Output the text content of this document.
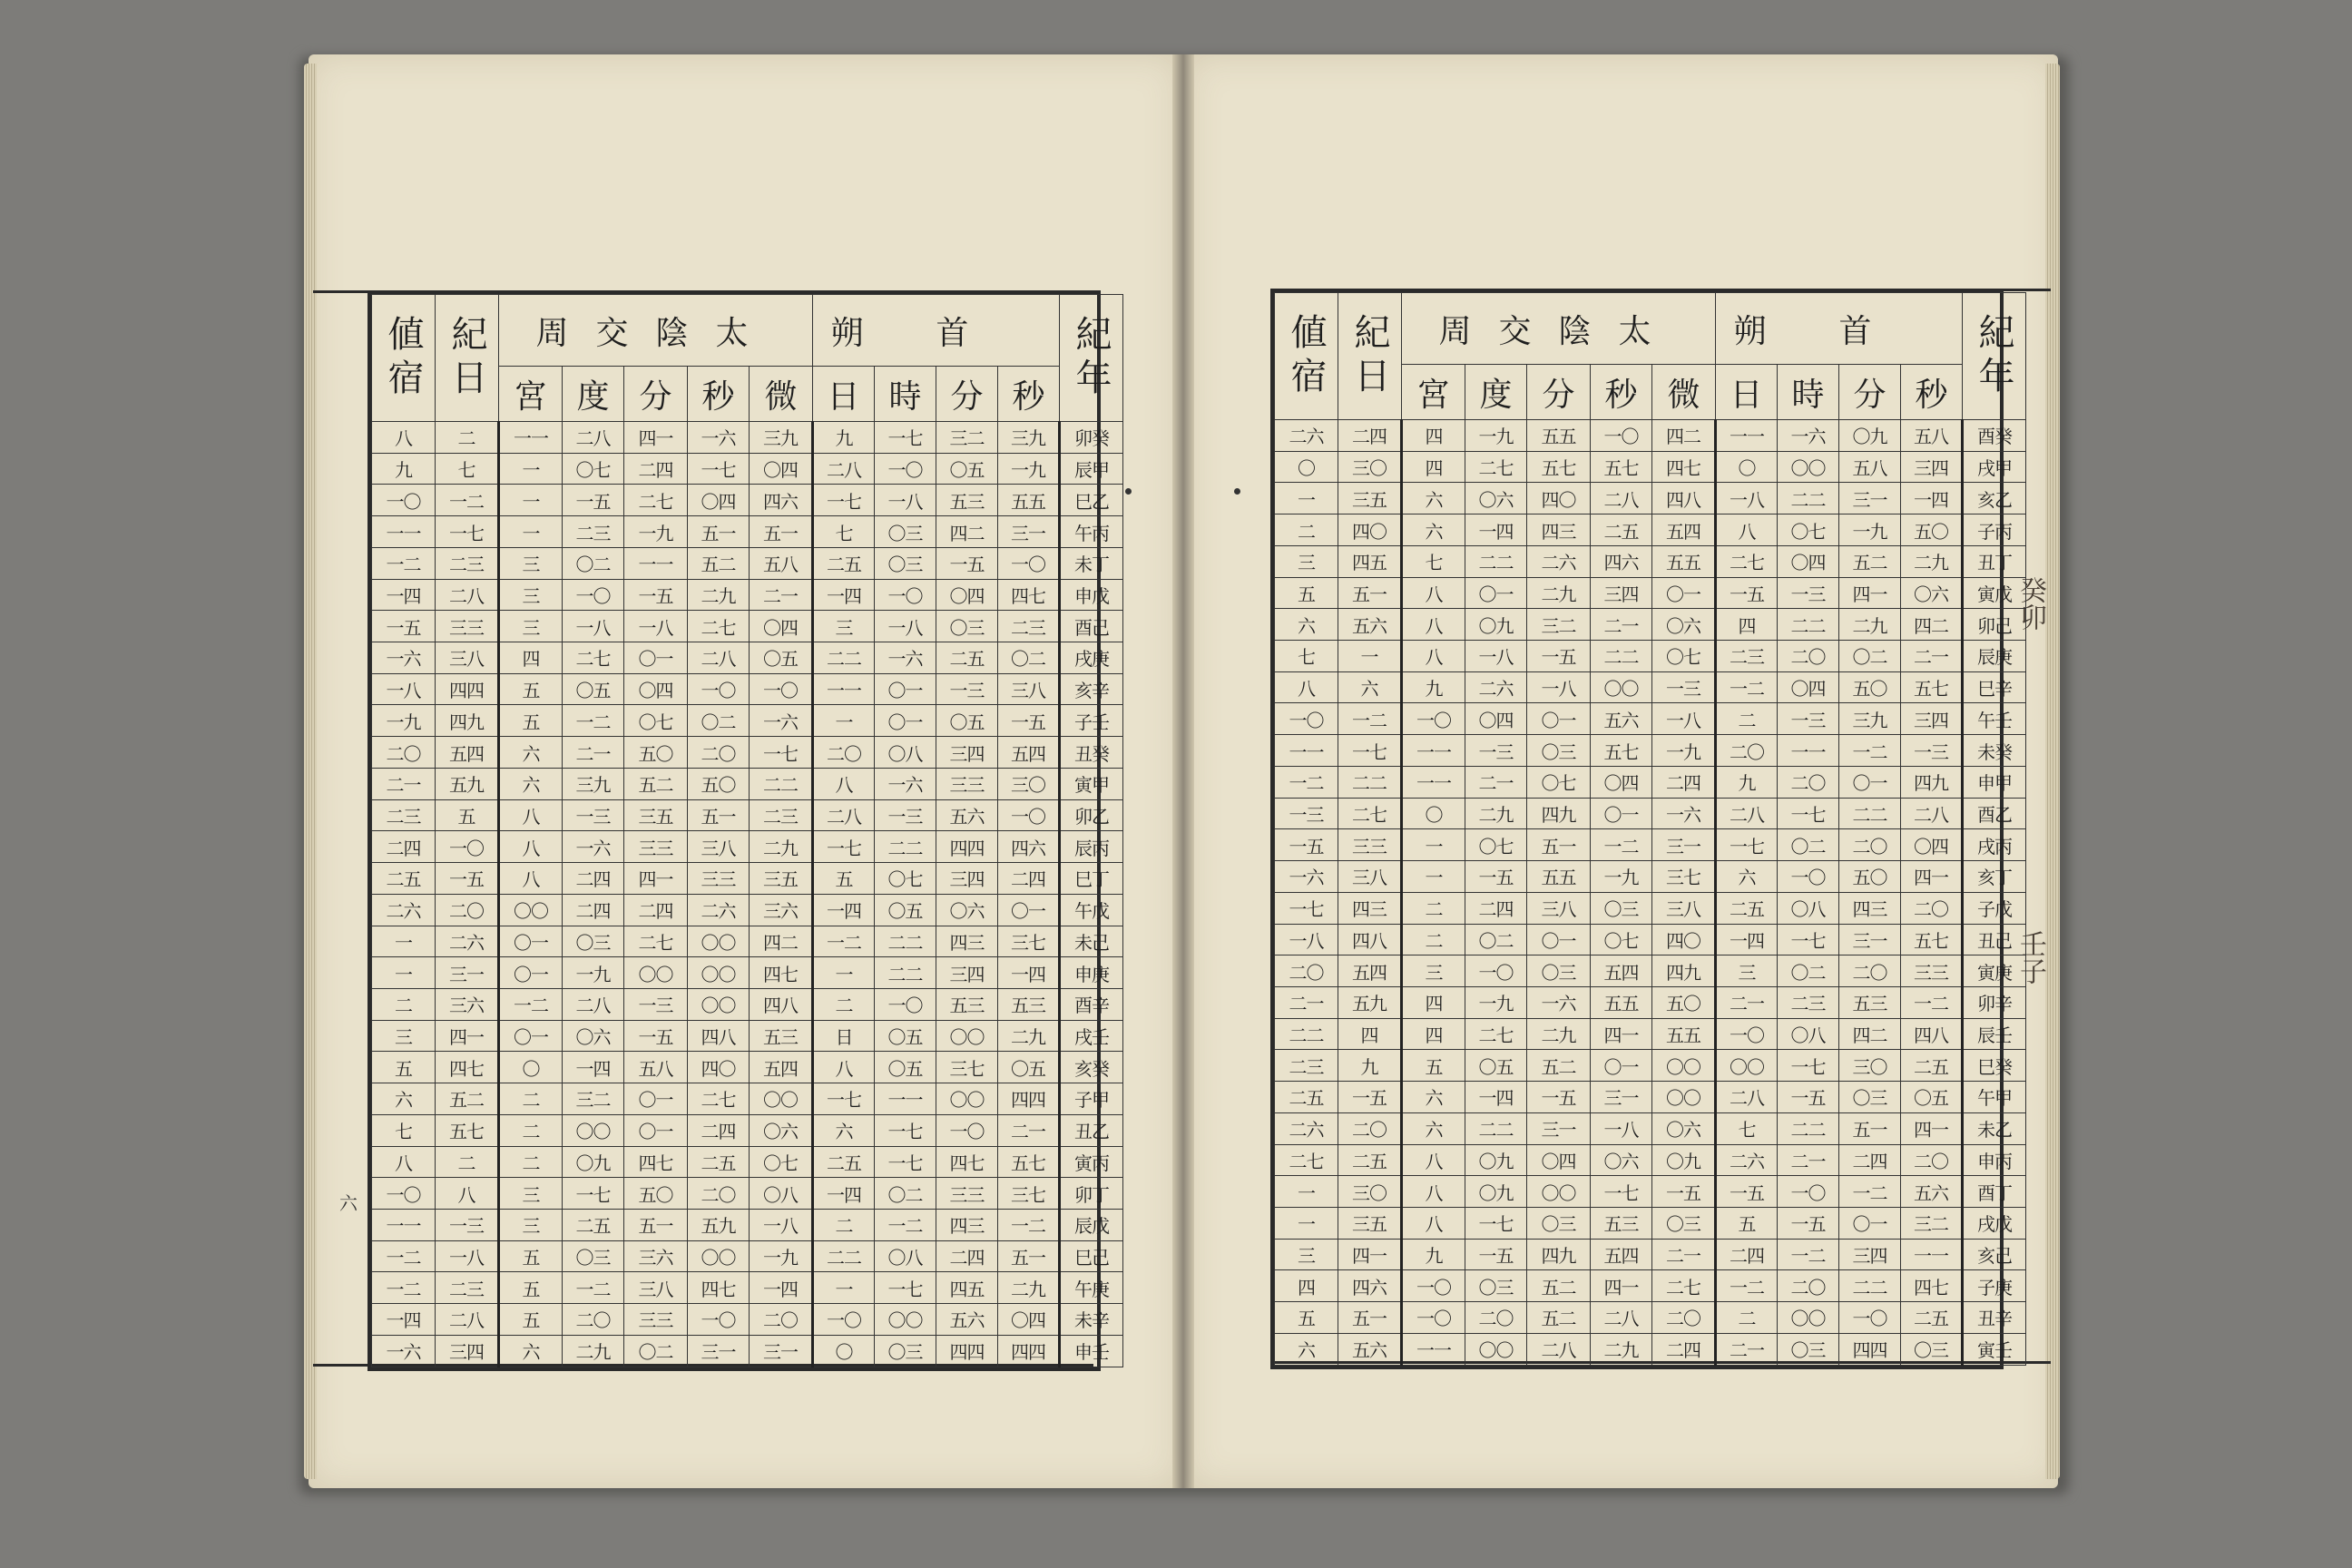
六
癸卯
壬子
値宿	紀日	周交陰太					朔首				紀年
		宮	度	分	秒	微	日	時	分	秒	
八	二	一一	二八	四一	一六	三九	九	一七	三二	三九	卯癸
九	七	一	〇七	二四	一七	〇四	二八	一〇	〇五	一九	辰甲
一〇	一二	一	一五	二七	〇四	四六	一七	一八	五三	五五	巳乙
一一	一七	一	二三	一九	五一	五一	七	〇三	四二	三一	午丙
一二	二三	三	〇二	一一	五二	五八	二五	〇三	一五	一〇	未丁
一四	二八	三	一〇	一五	二九	二一	一四	一〇	〇四	四七	申戊
一五	三三	三	一八	一八	二七	〇四	三	一八	〇三	二三	酉己
一六	三八	四	二七	〇一	二八	〇五	二二	一六	二五	〇二	戌庚
一八	四四	五	〇五	〇四	一〇	一〇	一一	〇一	一三	三八	亥辛
一九	四九	五	一二	〇七	〇二	一六	一	〇一	〇五	一五	子壬
二〇	五四	六	二一	五〇	二〇	一七	二〇	〇八	三四	五四	丑癸
二一	五九	六	三九	五二	五〇	二二	八	一六	三三	三〇	寅甲
二三	五	八	一三	三五	五一	二三	二八	一三	五六	一〇	卯乙
二四	一〇	八	一六	三三	三八	二九	一七	二二	四四	四六	辰丙
二五	一五	八	二四	四一	三三	三五	五	〇七	三四	二四	巳丁
二六	二〇	〇〇	二四	二四	二六	三六	一四	〇五	〇六	〇一	午戊
一	二六	〇一	〇三	二七	〇〇	四二	一二	二二	四三	三七	未己
一	三一	〇一	一九	〇〇	〇〇	四七	一	二二	三四	一四	申庚
二	三六	一二	二八	一三	〇〇	四八	二	一〇	五三	五三	酉辛
三	四一	〇一	〇六	一五	四八	五三	日	〇五	〇〇	二九	戌壬
五	四七	〇	一四	五八	四〇	五四	八	〇五	三七	〇五	亥癸
六	五二	二	三二	〇一	二七	〇〇	一七	一一	〇〇	四四	子甲
七	五七	二	〇〇	〇一	二四	〇六	六	一七	一〇	二一	丑乙
八	二	二	〇九	四七	二五	〇七	二五	一七	四七	五七	寅丙
一〇	八	三	一七	五〇	二〇	〇八	一四	〇二	三三	三七	卯丁
一一	一三	三	二五	五一	五九	一八	二	一二	四三	一二	辰戊
一二	一八	五	〇三	三六	〇〇	一九	二二	〇八	二四	五一	巳己
一二	二三	五	一二	三八	四七	一四	一	一七	四五	二九	午庚
一四	二八	五	二〇	三三	一〇	二〇	一〇	〇〇	五六	〇四	未辛
一六	三四	六	二九	〇二	三一	三一	〇	〇三	四四	四四	申壬
値宿	紀日	周交陰太					朔首				紀年
		宮	度	分	秒	微	日	時	分	秒	
二六	二四	四	一九	五五	一〇	四二	一一	一六	〇九	五八	酉癸
〇	三〇	四	二七	五七	五七	四七	〇	〇〇	五八	三四	戌甲
一	三五	六	〇六	四〇	二八	四八	一八	二二	三一	一四	亥乙
二	四〇	六	一四	四三	二五	五四	八	〇七	一九	五〇	子丙
三	四五	七	二二	二六	四六	五五	二七	〇四	五二	二九	丑丁
五	五一	八	〇一	二九	三四	〇一	一五	一三	四一	〇六	寅戊
六	五六	八	〇九	三二	二一	〇六	四	二二	二九	四二	卯己
七	一	八	一八	一五	二二	〇七	二三	二〇	〇二	二一	辰庚
八	六	九	二六	一八	〇〇	一三	一二	〇四	五〇	五七	巳辛
一〇	一二	一〇	〇四	〇一	五六	一八	二	一三	三九	三四	午壬
一一	一七	一一	一三	〇三	五七	一九	二〇	一一	一二	一三	未癸
一二	二二	一一	二一	〇七	〇四	二四	九	二〇	〇一	四九	申甲
一三	二七	〇	二九	四九	〇一	一六	二八	一七	二二	二八	酉乙
一五	三三	一	〇七	五一	一二	三一	一七	〇二	二〇	〇四	戌丙
一六	三八	一	一五	五五	一九	三七	六	一〇	五〇	四一	亥丁
一七	四三	二	二四	三八	〇三	三八	二五	〇八	四三	二〇	子戊
一八	四八	二	〇二	〇一	〇七	四〇	一四	一七	三一	五七	丑己
二〇	五四	三	一〇	〇三	五四	四九	三	〇二	二〇	三三	寅庚
二一	五九	四	一九	一六	五五	五〇	二一	二三	五三	一二	卯辛
二二	四	四	二七	二九	四一	五五	一〇	〇八	四二	四八	辰壬
二三	九	五	〇五	五二	〇一	〇〇	〇〇	一七	三〇	二五	巳癸
二五	一五	六	一四	一五	三一	〇〇	二八	一五	〇三	〇五	午甲
二六	二〇	六	二二	三一	一八	〇六	七	二二	五一	四一	未乙
二七	二五	八	〇九	〇四	〇六	〇九	二六	二一	二四	二〇	申丙
一	三〇	八	〇九	〇〇	一七	一五	一五	一〇	一二	五六	酉丁
一	三五	八	一七	〇三	五三	〇三	五	一五	〇一	三二	戌戊
三	四一	九	一五	四九	五四	二一	二四	一二	三四	一一	亥己
四	四六	一〇	〇三	五二	四一	二七	一二	二〇	二二	四七	子庚
五	五一	一〇	二〇	五二	二八	二〇	二	〇〇	一〇	二五	丑辛
六	五六	一一	〇〇	二八	二九	二四	二一	〇三	四四	〇三	寅壬
